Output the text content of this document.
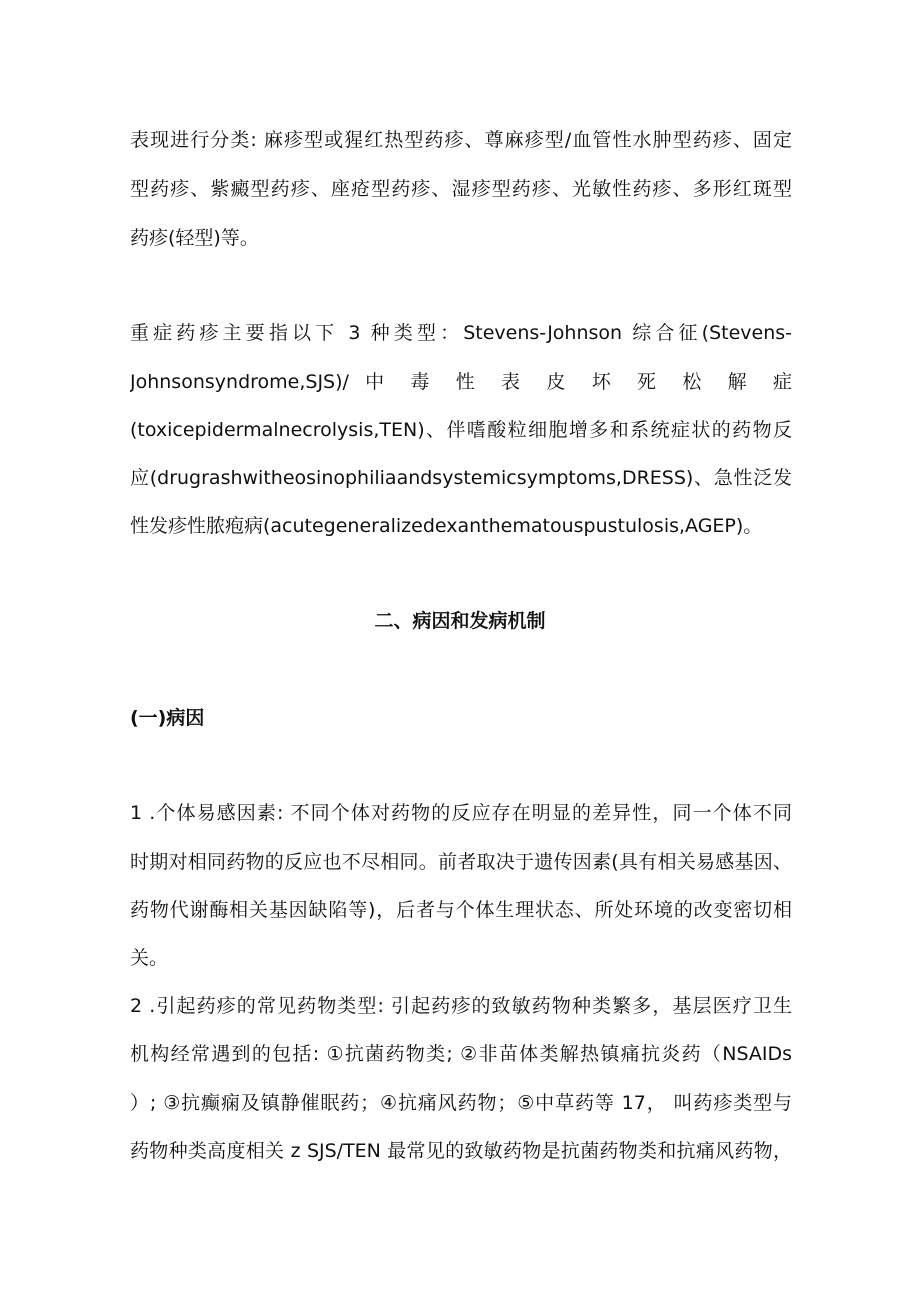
表现进行分类: 麻疹型或猩红热型药疹、尊麻疹型/血管性水肿型药疹、固定
型药疹、紫癜型药疹、座疮型药疹、湿疹型药疹、光敏性药疹、多形红斑型
药疹(轻型)等。
重症药疹主要指以下 3 种类型：Stevens-Johnson 综合征(Stevens-
Johnsonsyndrome,SJS)/ 中 毒 性 表 皮 坏 死 松 解 症
(toxicepidermalnecrolysis,TEN)、伴嗜酸粒细胞增多和系统症状的药物反
应(drugrashwitheosinophiliaandsystemicsymptoms,DRESS)、急性泛发
性发疹性脓疱病(acutegeneralizedexanthematouspustulosis,AGEP)。
二、病因和发病机制
(一)病因
1 .个体易感因素: 不同个体对药物的反应存在明显的差异性，同一个体不同
时期对相同药物的反应也不尽相同。前者取决于遗传因素(具有相关易感基因、
药物代谢酶相关基因缺陷等)，后者与个体生理状态、所处环境的改变密切相
关。
2 .引起药疹的常见药物类型: 引起药疹的致敏药物种类繁多，基层医疗卫生
机构经常遇到的包括: ①抗菌药物类; ②非苗体类解热镇痛抗炎药（NSAIDs
）; ③抗癫痫及镇静催眠药；④抗痛风药物；⑤中草药等 17， 叫药疹类型与
药物种类高度相关 z SJS/TEN 最常见的致敏药物是抗菌药物类和抗痛风药物，
